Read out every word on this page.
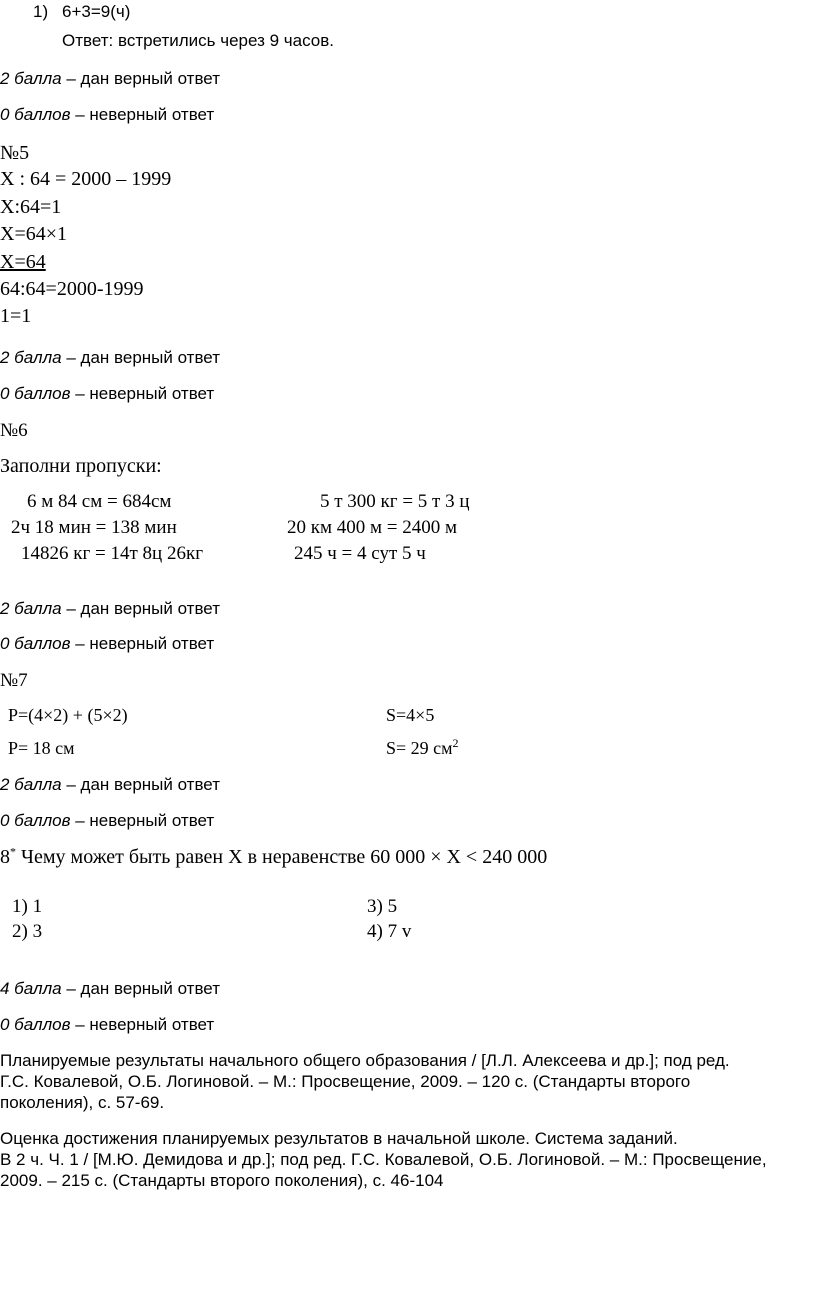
1) 6+3=9(ч)
Ответ: встретились через 9 часов.
2 балла – дан верный ответ
0 баллов – неверный ответ
№5
Х : 64 = 2000 – 1999
Х:64=1
Х=64×1
Х=64
64:64=2000-1999
1=1
2 балла – дан верный ответ
0 баллов – неверный ответ
№6
Заполни пропуски:
6 м 84 см = 684см
2ч 18 мин = 138 мин
14826 кг = 14т 8ц 26кг
5 т 300 кг = 5 т 3 ц
20 км 400 м = 2400 м
245 ч = 4 сут 5 ч
2 балла – дан верный ответ
0 баллов – неверный ответ
№7
Р=(4×2) + (5×2)
Р= 18 см
S=4×5
S= 29 $см^2$
2 балла – дан верный ответ
0 баллов – неверный ответ
8* Чему может быть равен Х в неравенстве 60 000 × Х < 240 000
1) 1
2) 3
3) 5
4) 7 v
4 балла – дан верный ответ
0 баллов – неверный ответ
Планируемые результаты начального общего образования / [Л.Л. Алексеева и др.]; под ред.
Г.С. Ковалевой, О.Б. Логиновой. – М.: Просвещение, 2009. – 120 с. (Стандарты второго
поколения), с. 57-69.
Оценка достижения планируемых результатов в начальной школе. Система заданий.
В 2 ч. Ч. 1 / [М.Ю. Демидова и др.]; под ред. Г.С. Ковалевой, О.Б. Логиновой. – М.: Просвещение,
2009. – 215 с. (Стандарты второго поколения), с. 46-104
